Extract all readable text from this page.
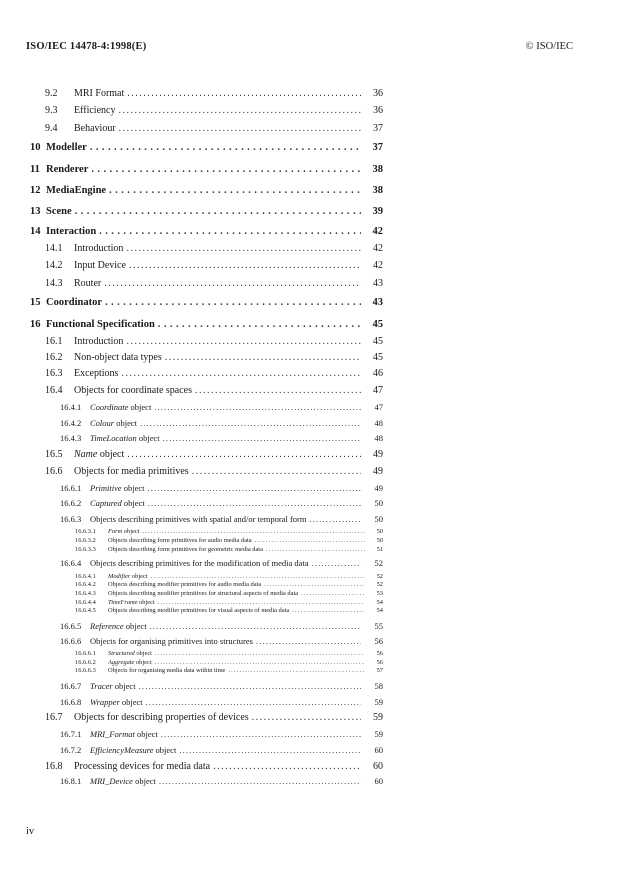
ISO/IEC 14478-4:1998(E)	© ISO/IEC
9.2	MRI Format . . .	36
9.3	Efficiency . . .	36
9.4	Behaviour . . .	37
10 Modeller . . .	37
11 Renderer . . .	38
12 MediaEngine . . .	38
13 Scene . . .	39
14 Interaction . . .	42
14.1	Introduction . . .	42
14.2	Input Device . . .	42
14.3	Router . . .	43
15 Coordinator . . .	43
16 Functional Specification . . .	45
16.1	Introduction . . .	45
16.2	Non-object data types . . .	45
16.3	Exceptions . . .	46
16.4	Objects for coordinate spaces . . .	47
16.4.1	Coordinate object . . .	47
16.4.2	Colour object . . .	48
16.4.3	TimeLocation object . . .	48
16.5	Name object . . .	49
16.6	Objects for media primitives . . .	49
16.6.1	Primitive object . . .	49
16.6.2	Captured object . . .	50
16.6.3	Objects describing primitives with spatial and/or temporal form . . .	50
16.6.3.1	Form object . . .	50
16.6.3.2	Objects describing form primitives for audio media data . . .	50
16.6.3.3	Objects describing form primitives for geometric media data . . .	51
16.6.4	Objects describing primitives for the modification of media data . . .	52
16.6.4.1	Modifier object . . .	52
16.6.4.2	Objects describing modifier primitives for audio media data . . .	52
16.6.4.3	Objects describing modifier primitives for structural aspects of media data . . .	53
16.6.4.4	TimeFrame object . . .	54
16.6.4.5	Objects describing modifier primitives for visual aspects of media data . . .	54
16.6.5	Reference object . . .	55
16.6.6	Objects for organising primitives into structures . . .	56
16.6.6.1	Structured object . . .	56
16.6.6.2	Aggregate object . . .	56
16.6.6.3	Objects for organising media data within time . . .	57
16.6.7	Tracer object . . .	58
16.6.8	Wrapper object . . .	59
16.7	Objects for describing properties of devices . . .	59
16.7.1	MRI_Format object . . .	59
16.7.2	EfficiencyMeasure object . . .	60
16.8	Processing devices for media data . . .	60
16.8.1	MRI_Device object . . .	60
iv
